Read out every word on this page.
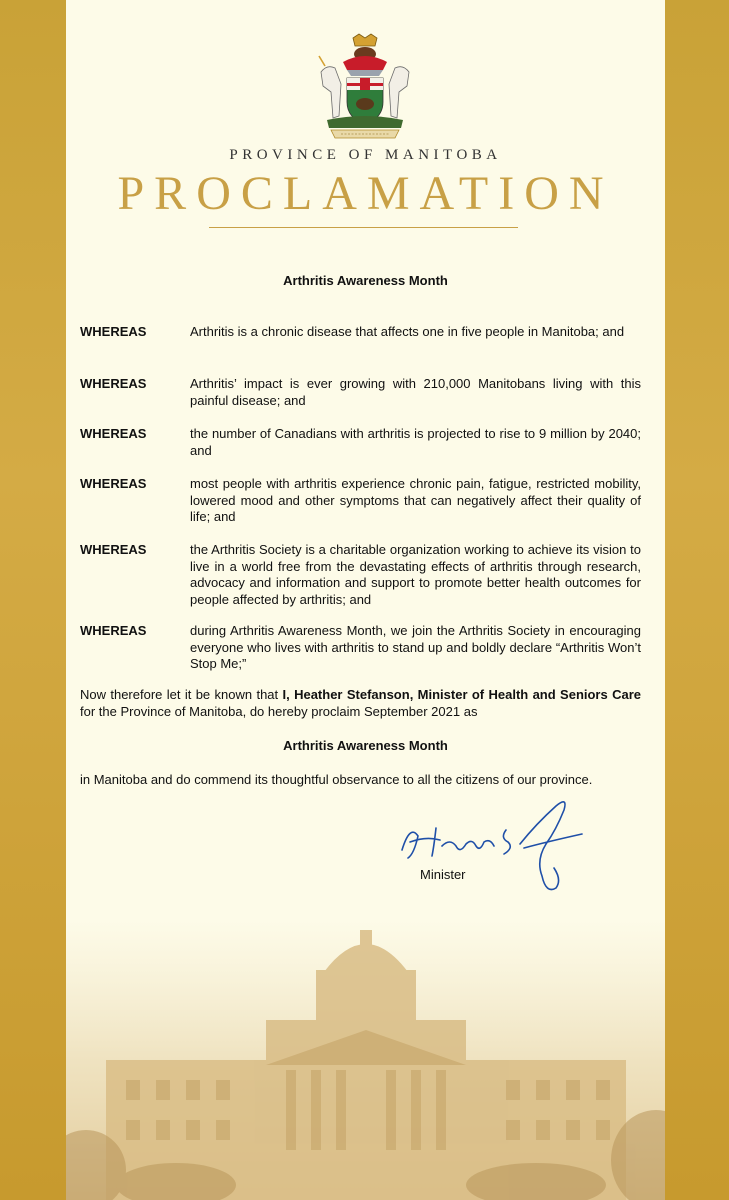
PROVINCE OF MANITOBA
PROCLAMATION
Arthritis Awareness Month
WHEREAS	Arthritis is a chronic disease that affects one in five people in Manitoba; and
WHEREAS	Arthritis’ impact is ever growing with 210,000 Manitobans living with this painful disease; and
WHEREAS	the number of Canadians with arthritis is projected to rise to 9 million by 2040; and
WHEREAS	most people with arthritis experience chronic pain, fatigue, restricted mobility, lowered mood and other symptoms that can negatively affect their quality of life; and
WHEREAS	the Arthritis Society is a charitable organization working to achieve its vision to live in a world free from the devastating effects of arthritis through research, advocacy and information and support to promote better health outcomes for people affected by arthritis; and
WHEREAS	during Arthritis Awareness Month, we join the Arthritis Society in encouraging everyone who lives with arthritis to stand up and boldly declare “Arthritis Won’t Stop Me;”
Now therefore let it be known that I, Heather Stefanson, Minister of Health and Seniors Care for the Province of Manitoba, do hereby proclaim September 2021 as
Arthritis Awareness Month
in Manitoba and do commend its thoughtful observance to all the citizens of our province.
Minister
